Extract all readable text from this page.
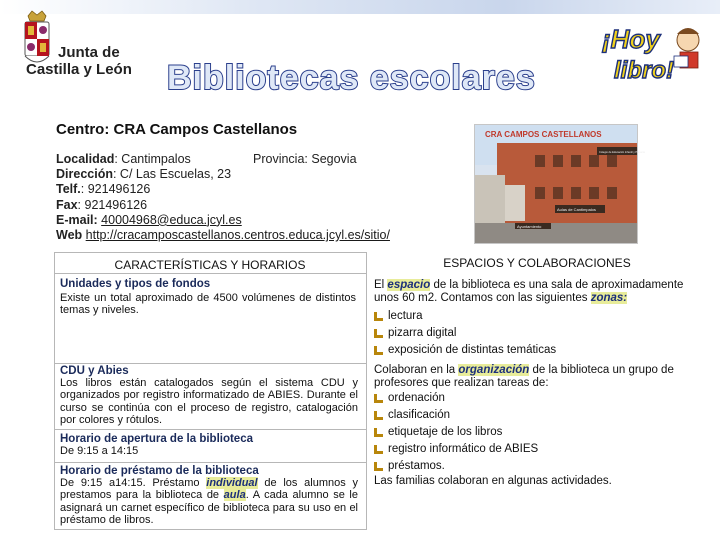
Junta de
Castilla y León Bibliotecas escolares
¡Hoy
libro!
Centro: CRA Campos Castellanos
Localidad: Cantimpalos	Provincia: Segovia
Dirección: C/ Las Escuelas, 23
Telf.: 921496126
Fax: 921496126
E-mail: 40004968@educa.jcyl.es
Web http://cracamposcastellanos.centros.educa.jcyl.es/sitio/
CRA CAMPOS CASTELLANOS
Colegio de Educación Infantil y Primaria
Aulas de Cantimpalos
Ayuntamiento
CARACTERÍSTICAS Y HORARIOS	ESPACIOS Y COLABORACIONES
Unidades y tipos de fondos
Existe un total aproximado de 4500 volúmenes de distintos temas y niveles.
CDU y Abies
Los libros están catalogados según el sistema CDU y organizados por registro informatizado de ABIES. Durante el curso se continúa con el proceso de registro, catalogación por colores y rótulos.
Horario de apertura de la biblioteca
De 9:15 a 14:15
Horario de préstamo de la biblioteca
De 9:15 a14:15. Préstamo individual de los alumnos y prestamos para la biblioteca de aula. A cada alumno se le asignará un carnet específico de biblioteca para su uso en el préstamo de libros.
El espacio de la biblioteca es una sala de aproximadamente unos 60 m2. Contamos con las siguientes zonas:
lectura
pizarra digital
exposición de distintas temáticas
Colaboran en la organización de la biblioteca un grupo de profesores que realizan tareas de:
ordenación
clasificación
etiquetaje de los libros
registro informático de ABIES
préstamos.
Las familias colaboran en algunas actividades.
